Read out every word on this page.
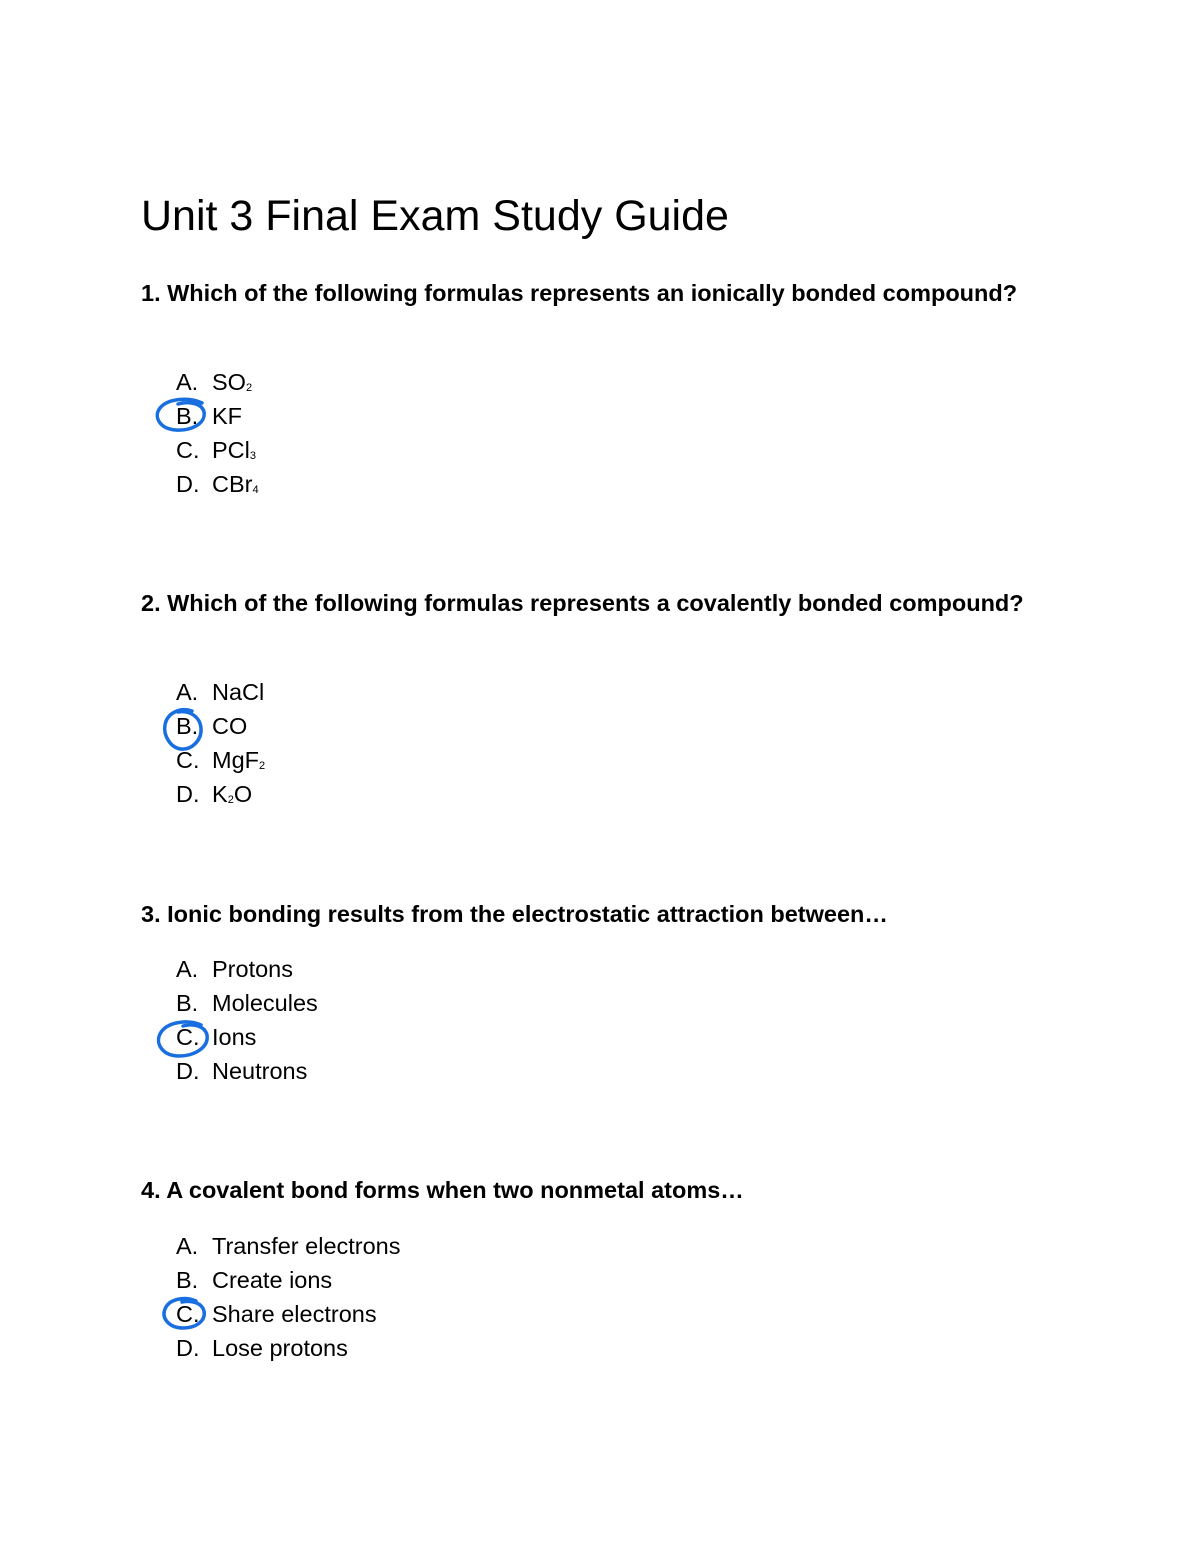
Unit 3 Final Exam Study Guide

1. Which of the following formulas represents an ionically bonded compound?

A. SO2
B. KF
C. PCl3
D. CBr4

2. Which of the following formulas represents a covalently bonded compound?

A. NaCl
B. CO
C. MgF2
D. K2O

3. Ionic bonding results from the electrostatic attraction between…

A. Protons
B. Molecules
C. Ions
D. Neutrons

4. A covalent bond forms when two nonmetal atoms…

A. Transfer electrons
B. Create ions
C. Share electrons
D. Lose protons
